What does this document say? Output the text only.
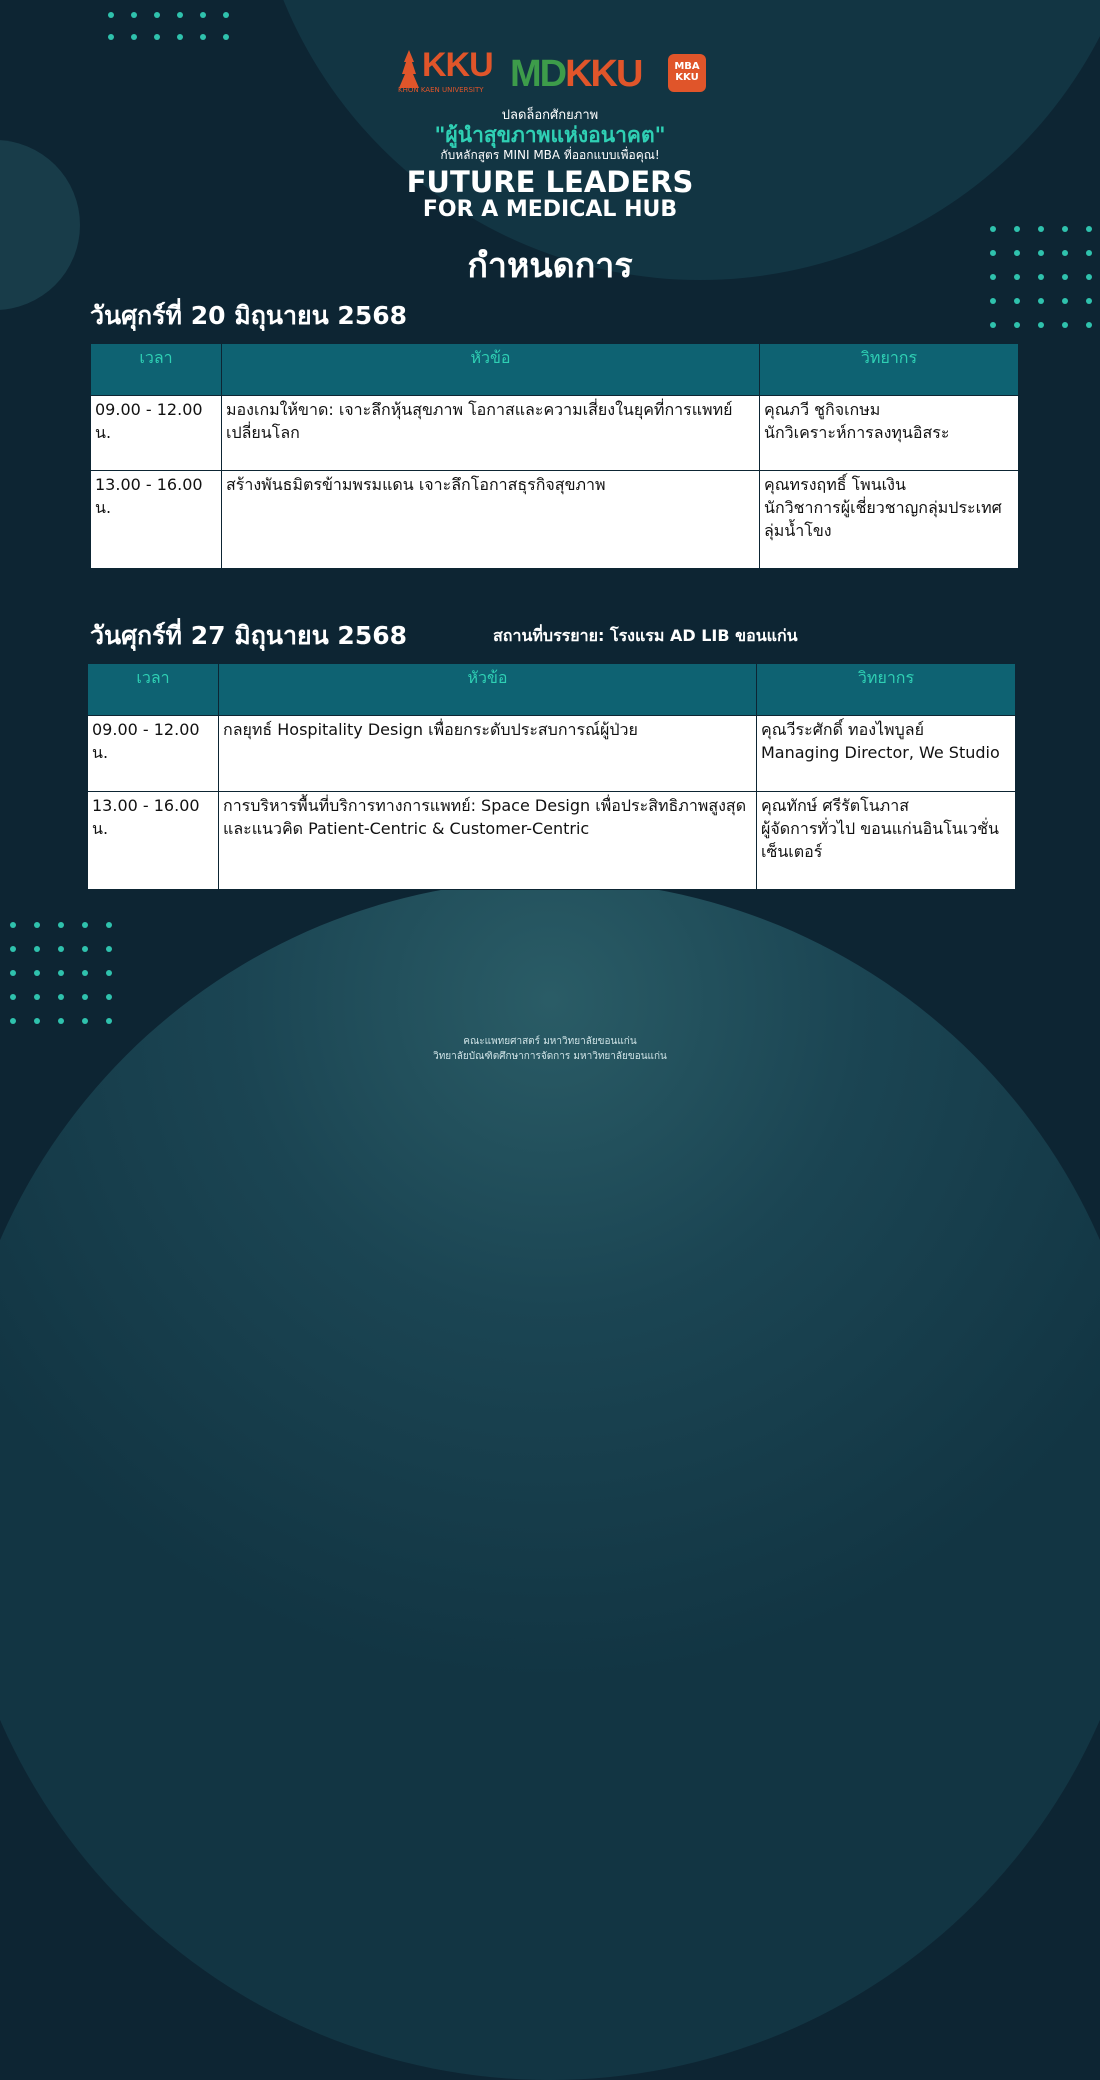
KKU
KHON KAEN UNIVERSITY MDKKU	MBA
KKU
ปลดล็อกศักยภาพ
"ผู้นำสุขภาพแห่งอนาคต"
กับหลักสูตร MINI MBA ที่ออกแบบเพื่อคุณ!
FUTURE LEADERS
FOR A MEDICAL HUB
กำหนดการ
วันศุกร์ที่ 20 มิถุนายน 2568
เวลา	หัวข้อ	วิทยากร
09.00 - 12.00 น.	มองเกมให้ขาด: เจาะลึกหุ้นสุขภาพ โอกาสและความเสี่ยงในยุคที่การแพทย์เปลี่ยนโลก	คุณภวี ชูกิจเกษม
นักวิเคราะห์การลงทุนอิสระ

13.00 - 16.00 น.	สร้างพันธมิตรข้ามพรมแดน เจาะลึกโอกาสธุรกิจสุขภาพ	คุณทรงฤทธิ์ โพนเงิน
นักวิชาการผู้เชี่ยวชาญกลุ่มประเทศลุ่มน้ำโขง
วันศุกร์ที่ 27 มิถุนายน 2568	สถานที่บรรยาย: โรงแรม AD LIB ขอนแก่น
เวลา	หัวข้อ	วิทยากร
09.00 - 12.00 น.	กลยุทธ์ Hospitality Design เพื่อยกระดับประสบการณ์ผู้ป่วย	คุณวีระศักดิ์ ทองไพบูลย์
Managing Director, We Studio

13.00 - 16.00 น.	การบริหารพื้นที่บริการทางการแพทย์: Space Design เพื่อประสิทธิภาพสูงสุด และแนวคิด Patient-Centric & Customer-Centric	คุณทักษ์ ศรีรัตโนภาส
ผู้จัดการทั่วไป ขอนแก่นอินโนเวชั่นเซ็นเตอร์
คณะแพทยศาสตร์ มหาวิทยาลัยขอนแก่น
วิทยาลัยบัณฑิตศึกษาการจัดการ มหาวิทยาลัยขอนแก่น
